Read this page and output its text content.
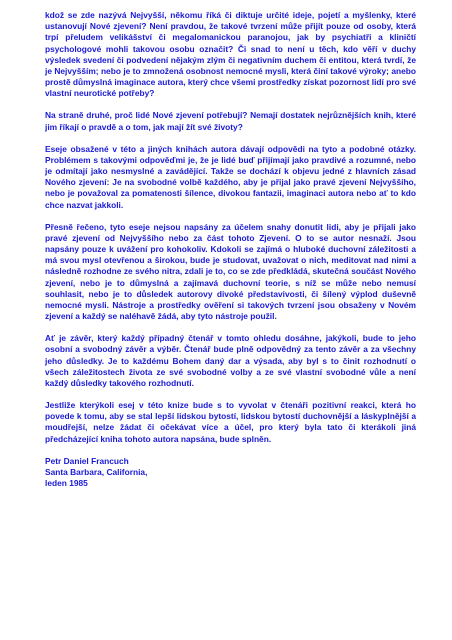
kdož se zde nazývá Nejvyšší, někomu říká či diktuje určité ideje, pojetí a myšlenky, které ustanovují Nové zjevení? Není pravdou, že takové tvrzení může přijít pouze od osoby, která trpí přeludem velikášství či megalomanickou paranojou, jak by psychiatři a kliničtí psychologové mohli takovou osobu označit? Či snad to není u těch, kdo věří v duchy výsledek svedení či podvedení nějakým zlým či negativním duchem či entitou, která tvrdí, že je Nejvyšším; nebo je to zmnožená osobnost nemocné mysli, která činí takové výroky; anebo prostě důmyslná imaginace autora, který chce všemi prostředky získat pozornost lidí pro své vlastní neurotické potřeby?

Na straně druhé, proč lidé Nové zjevení potřebují? Nemají dostatek nejrůznějších knih, které jim říkají o pravdě a o tom, jak mají žít své životy?

Eseje obsažené v této a jiných knihách autora dávají odpovědi na tyto a podobné otázky. Problémem s takovými odpověďmi je, že je lidé buď přijímají jako pravdivé a rozumné, nebo je odmítají jako nesmyslné a zavádějící. Takže se dochází k objevu jedné z hlavních zásad Nového zjevení: Je na svobodné volbě každého, aby je přijal jako pravé zjevení Nejvyššího, nebo je považoval za pomatenosti šílence, divokou fantazii, imaginaci autora nebo ať to kdo chce nazvat jakkoli.

Přesně řečeno, tyto eseje nejsou napsány za účelem snahy donutit lidi, aby je přijali jako pravé zjevení od Nejvyššího nebo za část tohoto Zjevení. O to se autor nesnaží. Jsou napsány pouze k uvážení pro kohokoliv. Kdokoli se zajímá o hluboké duchovní záležitosti a má svou mysl otevřenou a širokou, bude je studovat, uvažovat o nich, meditovat nad nimi a následně rozhodne ze svého nitra, zdali je to, co se zde předkládá, skutečná součást Nového zjevení, nebo je to důmyslná a zajímavá duchovní teorie, s níž se může nebo nemusí souhlasit, nebo je to důsledek autorovy divoké představivosti, či šílený výplod duševně nemocné mysli. Nástroje a prostředky ověření si takových tvrzení jsou obsaženy v Novém zjevení a každý se naléhavě žádá, aby tyto nástroje použil.

Ať je závěr, který každý případný čtenář v tomto ohledu dosáhne, jakýkoli, bude to jeho osobní a svobodný závěr a výběr. Čtenář bude plně odpovědný za tento závěr a za všechny jeho důsledky. Je to každému Bohem daný dar a výsada, aby byl s to činit rozhodnutí o všech záležitostech života ze své svobodné volby a ze své vlastní svobodné vůle a není každý důsledky takového rozhodnutí.

Jestliže kterýkoli esej v této knize bude s to vyvolat v čtenáři pozitivní reakci, která ho povede k tomu, aby se stal lepší lidskou bytostí, lidskou bytostí duchovnější a láskyplnější a moudřejší, nelze žádat či očekávat více a účel, pro který byla tato či kterákoli jiná předcházející kniha tohoto autora napsána, bude splněn.

Petr Daniel Francuch
Santa Barbara, California,
leden 1985
